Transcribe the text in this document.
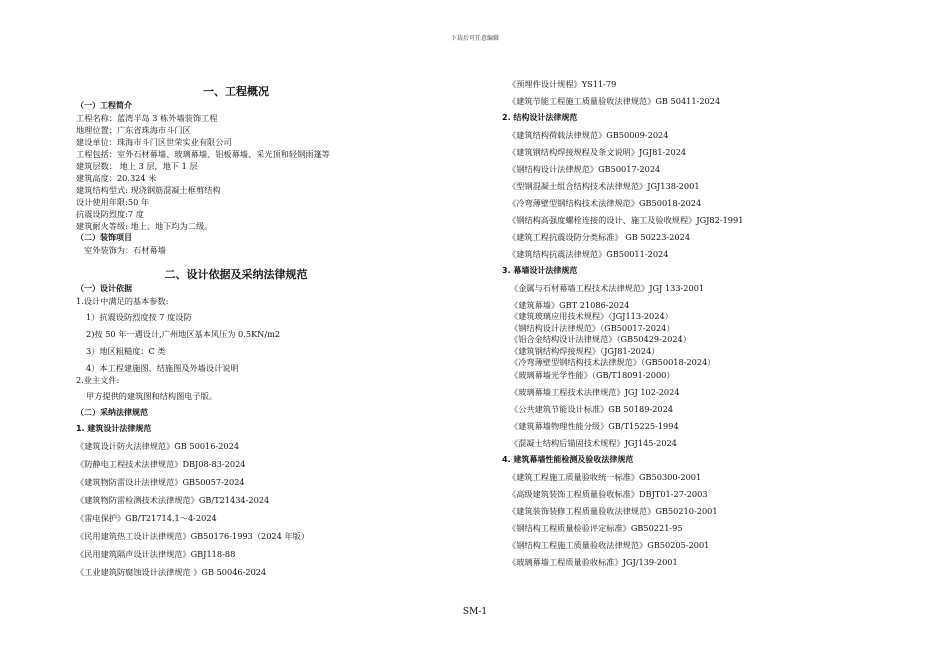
下载后可任意编辑
一、工程概况
（一）工程简介
工程名称：蓝湾半岛 3 栋外墙装饰工程
地理位置：广东省珠海市斗门区
建设单位：珠海市斗门区世荣实业有限公司
工程包括：室外石材幕墙、玻璃幕墙、铝板幕墙、采光顶和轻钢雨篷等
建筑层数： 地上 3 层，地下 1 层
建筑高度：20.324 米
建筑结构型式: 现浇钢筋混凝土框剪结构
设计使用年限:50 年
抗震设防烈度:7 度
建筑耐火等级: 地上、地下均为二级。
（二）装饰项目
室外装饰为：石材幕墙
二、设计依据及采纳法律规范
（一）设计依据
1.设计中满足的基本参数:
1）抗震设防烈度按 7 度设防
2)按 50 年一遇设计,广州地区基本风压为 0.5KN/m2
3）地区粗糙度：C 类
4）本工程建施图、结施图及外墙设计说明
2.业主文件:
甲方提供的建筑图和结构图电子版。
（二）采纳法律规范
1. 建筑设计法律规范
《建筑设计防火法律规范》GB 50016-2024
《防静电工程技术法律规范》DBJ08-83-2024
《建筑物防雷设计法律规范》GB50057-2024
《建筑物防雷检测技术法律规范》GB/T21434-2024
《雷电保护》GB/T21714.1～4-2024
《民用建筑热工设计法律规范》GB50176-1993（2024 年版）
《民用建筑隔声设计法律规范》GBJ118-88
《工业建筑防腐蚀设计法律规范 》GB 50046-2024
《预埋件设计规程》YS11-79
《建筑节能工程施工质量验收法律规范》GB 50411-2024
2. 结构设计法律规范
《建筑结构荷载法律规范》GB50009-2024
《建筑钢结构焊接规程及条文说明》JGJ81-2024
《钢结构设计法律规范》GB50017-2024
《型钢混凝土组合结构技术法律规范》JGJ138-2001
《冷弯薄壁型钢结构技术法律规范》GB50018-2024
《钢结构高强度螺栓连接的设计、施工及验收规程》JGJ82-1991
《建筑工程抗震设防分类标准》 GB 50223-2024
《建筑结构抗震法律规范》GB50011-2024
3. 幕墙设计法律规范
《金属与石材幕墙工程技术法律规范》JGJ 133-2001
《建筑幕墙》GBT 21086-2024
《建筑玻璃应用技术规程》（JGJ113-2024）
《钢结构设计法律规范》（GB50017-2024）
《铝合金结构设计法律规范》（GB50429-2024）
《建筑钢结构焊接规程》（JGJ81-2024）
《冷弯薄壁型钢结构技术法律规范》（GB50018-2024）
《玻璃幕墙光学性能》（GB/T18091-2000）
《玻璃幕墙工程技术法律规范》JGJ 102-2024
《公共建筑节能设计标准》GB 50189-2024
《建筑幕墙物理性能分级》GB/T15225-1994
《混凝土结构后锚固技术规程》JGJ145-2024
4. 建筑幕墙性能检测及验收法律规范
《建筑工程施工质量验收统一标准》GB50300-2001
《高级建筑装饰工程质量验收标准》DBJT01-27-2003
《建筑装饰装修工程质量验收法律规范》GB50210-2001
《钢结构工程质量检验评定标准》GB50221-95
《钢结构工程施工质量验收法律规范》GB50205-2001
《玻璃幕墙工程质量验收标准》JGJ/139-2001
SM-1
